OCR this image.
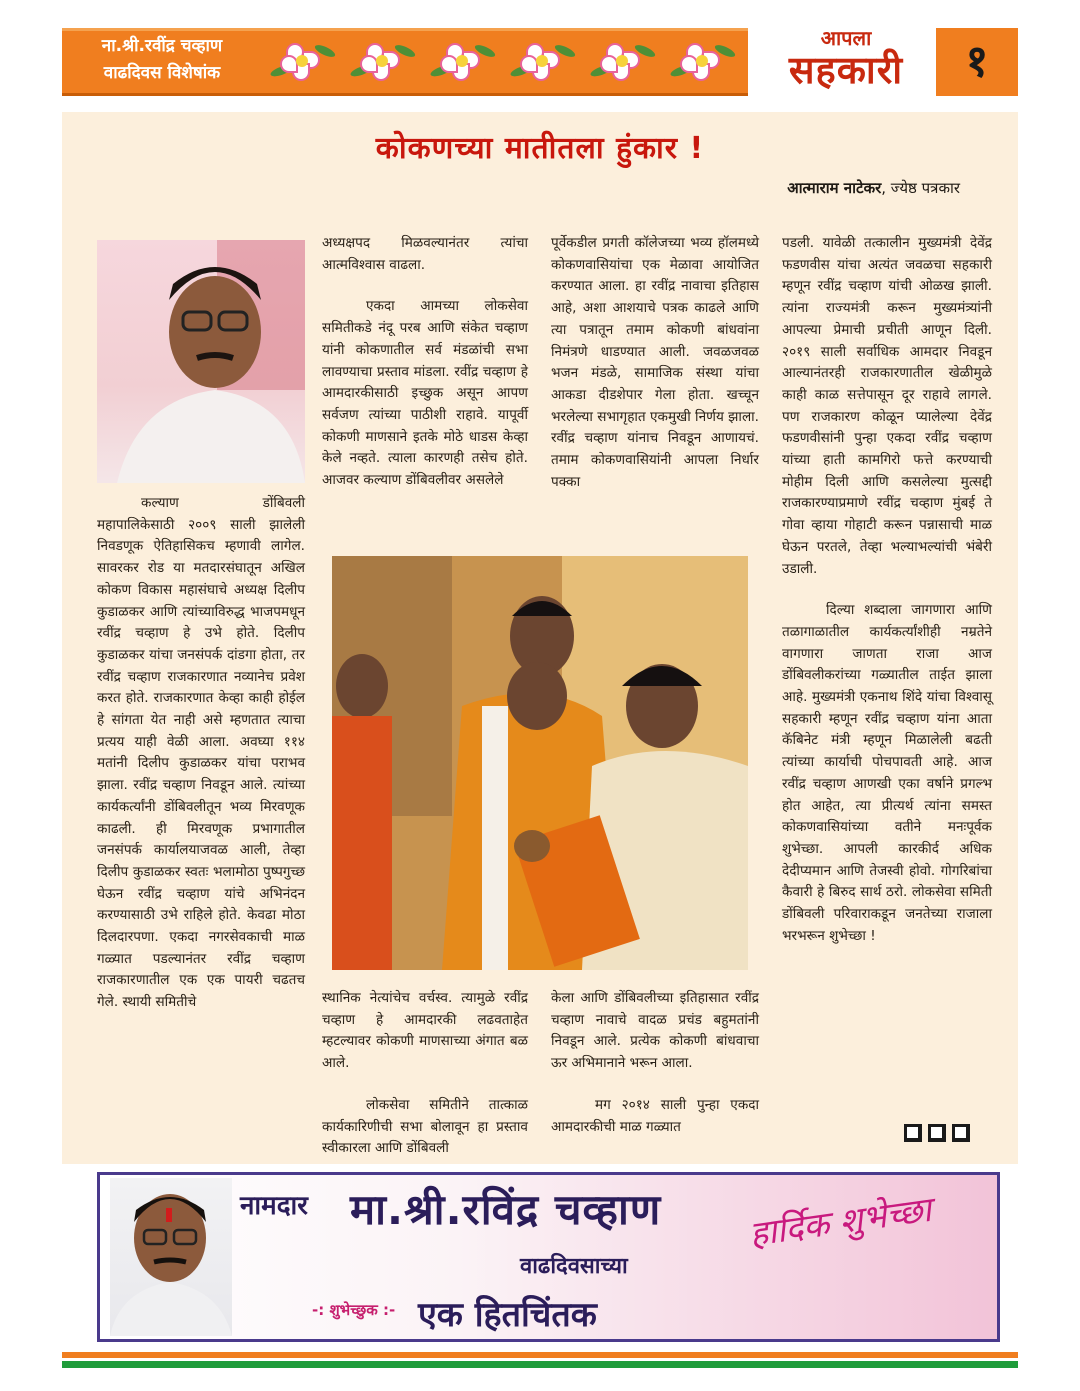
ना.श्री.रवींद्र चव्हाण
वाढदिवस विशेषांक
आपला
सहकारी	१
कोकणच्या मातीतला हुंकार !
आत्माराम नाटेकर, ज्येष्ठ पत्रकार

कल्याण डोंबिवली महापालिकेसाठी २००९ साली झालेली निवडणूक ऐतिहासिकच म्हणावी लागेल. सावरकर रोड या मतदारसंघातून अखिल कोकण विकास महासंघाचे अध्यक्ष दिलीप कुडाळकर आणि त्यांच्याविरुद्ध भाजपमधून रवींद्र चव्हाण हे उभे होते. दिलीप कुडाळकर यांचा जनसंपर्क दांडगा होता, तर रवींद्र चव्हाण राजकारणात नव्यानेच प्रवेश करत होते. राजकारणात केव्हा काही होईल हे सांगता येत नाही असे म्हणतात त्याचा प्रत्यय याही वेळी आला. अवघ्या ११४ मतांनी दिलीप कुडाळकर यांचा पराभव झाला. रवींद्र चव्हाण निवडून आले. त्यांच्या कार्यकर्त्यांनी डोंबिवलीतून भव्य मिरवणूक काढली. ही मिरवणूक प्रभागातील जनसंपर्क कार्यालयाजवळ आली, तेव्हा दिलीप कुडाळकर स्वतः भलामोठा पुष्पगुच्छ घेऊन रवींद्र चव्हाण यांचे अभिनंदन करण्यासाठी उभे राहिले होते. केवढा मोठा दिलदारपणा. एकदा नगरसेवकाची माळ गळ्यात पडल्यानंतर रवींद्र चव्हाण राजकारणातील एक एक पायरी चढतच गेले. स्थायी समितीचे

अध्यक्षपद मिळवल्यानंतर त्यांचा आत्मविश्वास वाढला.

एकदा आमच्या लोकसेवा समितीकडे नंदू परब आणि संकेत चव्हाण यांनी कोकणातील सर्व मंडळांची सभा लावण्याचा प्रस्ताव मांडला. रवींद्र चव्हाण हे आमदारकीसाठी इच्छुक असून आपण सर्वजण त्यांच्या पाठीशी राहावे. यापूर्वी कोकणी माणसाने इतके मोठे धाडस केव्हा केले नव्हते. त्याला कारणही तसेच होते. आजवर कल्याण डोंबिवलीवर असलेले

पूर्वेकडील प्रगती कॉलेजच्या भव्य हॉलमध्ये कोकणवासियांचा एक मेळावा आयोजित करण्यात आला. हा रवींद्र नावाचा इतिहास आहे, अशा आशयाचे पत्रक काढले आणि त्या पत्रातून तमाम कोकणी बांधवांना निमंत्रणे धाडण्यात आली. जवळजवळ भजन मंडळे, सामाजिक संस्था यांचा आकडा दीडशेपार गेला होता. खच्चून भरलेल्या सभागृहात एकमुखी निर्णय झाला. रवींद्र चव्हाण यांनाच निवडून आणायचं. तमाम कोकणवासियांनी आपला निर्धार पक्का

स्थानिक नेत्यांचेच वर्चस्व. त्यामुळे रवींद्र चव्हाण हे आमदारकी लढवताहेत म्हटल्यावर कोकणी माणसाच्या अंगात बळ आले.

लोकसेवा समितीने तात्काळ कार्यकारिणीची सभा बोलावून हा प्रस्ताव स्वीकारला आणि डोंबिवली

केला आणि डोंबिवलीच्या इतिहासात रवींद्र चव्हाण नावाचे वादळ प्रचंड बहुमतांनी निवडून आले. प्रत्येक कोकणी बांधवाचा ऊर अभिमानाने भरून आला.

मग २०१४ साली पुन्हा एकदा आमदारकीची माळ गळ्यात

पडली. यावेळी तत्कालीन मुख्यमंत्री देवेंद्र फडणवीस यांचा अत्यंत जवळचा सहकारी म्हणून रवींद्र चव्हाण यांची ओळख झाली. त्यांना राज्यमंत्री करून मुख्यमंत्र्यांनी आपल्या प्रेमाची प्रचीती आणून दिली. २०१९ साली सर्वाधिक आमदार निवडून आल्यानंतरही राजकारणातील खेळीमुळे काही काळ सत्तेपासून दूर राहावे लागले. पण राजकारण कोळून प्यालेल्या देवेंद्र फडणवीसांनी पुन्हा एकदा रवींद्र चव्हाण यांच्या हाती कामगिरो फत्ते करण्याची मोहीम दिली आणि कसलेल्या मुत्सद्दी राजकारण्याप्रमाणे रवींद्र चव्हाण मुंबई ते गोवा व्हाया गोहाटी करून पन्नासाची माळ घेऊन परतले, तेव्हा भल्याभल्यांची भंबेरी उडाली.

दिल्या शब्दाला जागणारा आणि तळागाळातील कार्यकर्त्यांशीही नम्रतेने वागणारा जाणता राजा आज डोंबिवलीकरांच्या गळ्यातील ताईत झाला आहे. मुख्यमंत्री एकनाथ शिंदे यांचा विश्वासू सहकारी म्हणून रवींद्र चव्हाण यांना आता कॅबिनेट मंत्री म्हणून मिळालेली बढती त्यांच्या कार्याची पोचपावती आहे. आज रवींद्र चव्हाण आणखी एका वर्षाने प्रगल्भ होत आहेत, त्या प्रीत्यर्थ त्यांना समस्त कोकणवासियांच्या वतीने मनःपूर्वक शुभेच्छा. आपली कारकीर्द अधिक देदीप्यमान आणि तेजस्वी होवो. गोगरिबांचा कैवारी हे बिरुद सार्थ ठरो. लोकसेवा समिती डोंबिवली परिवाराकडून जनतेच्या राजाला भरभरून शुभेच्छा !

नामदार मा.श्री.रविंद्र चव्हाण
वाढदिवसाच्या
-: शुभेच्छुक :- एक हितचिंतक
हार्दिक शुभेच्छा
